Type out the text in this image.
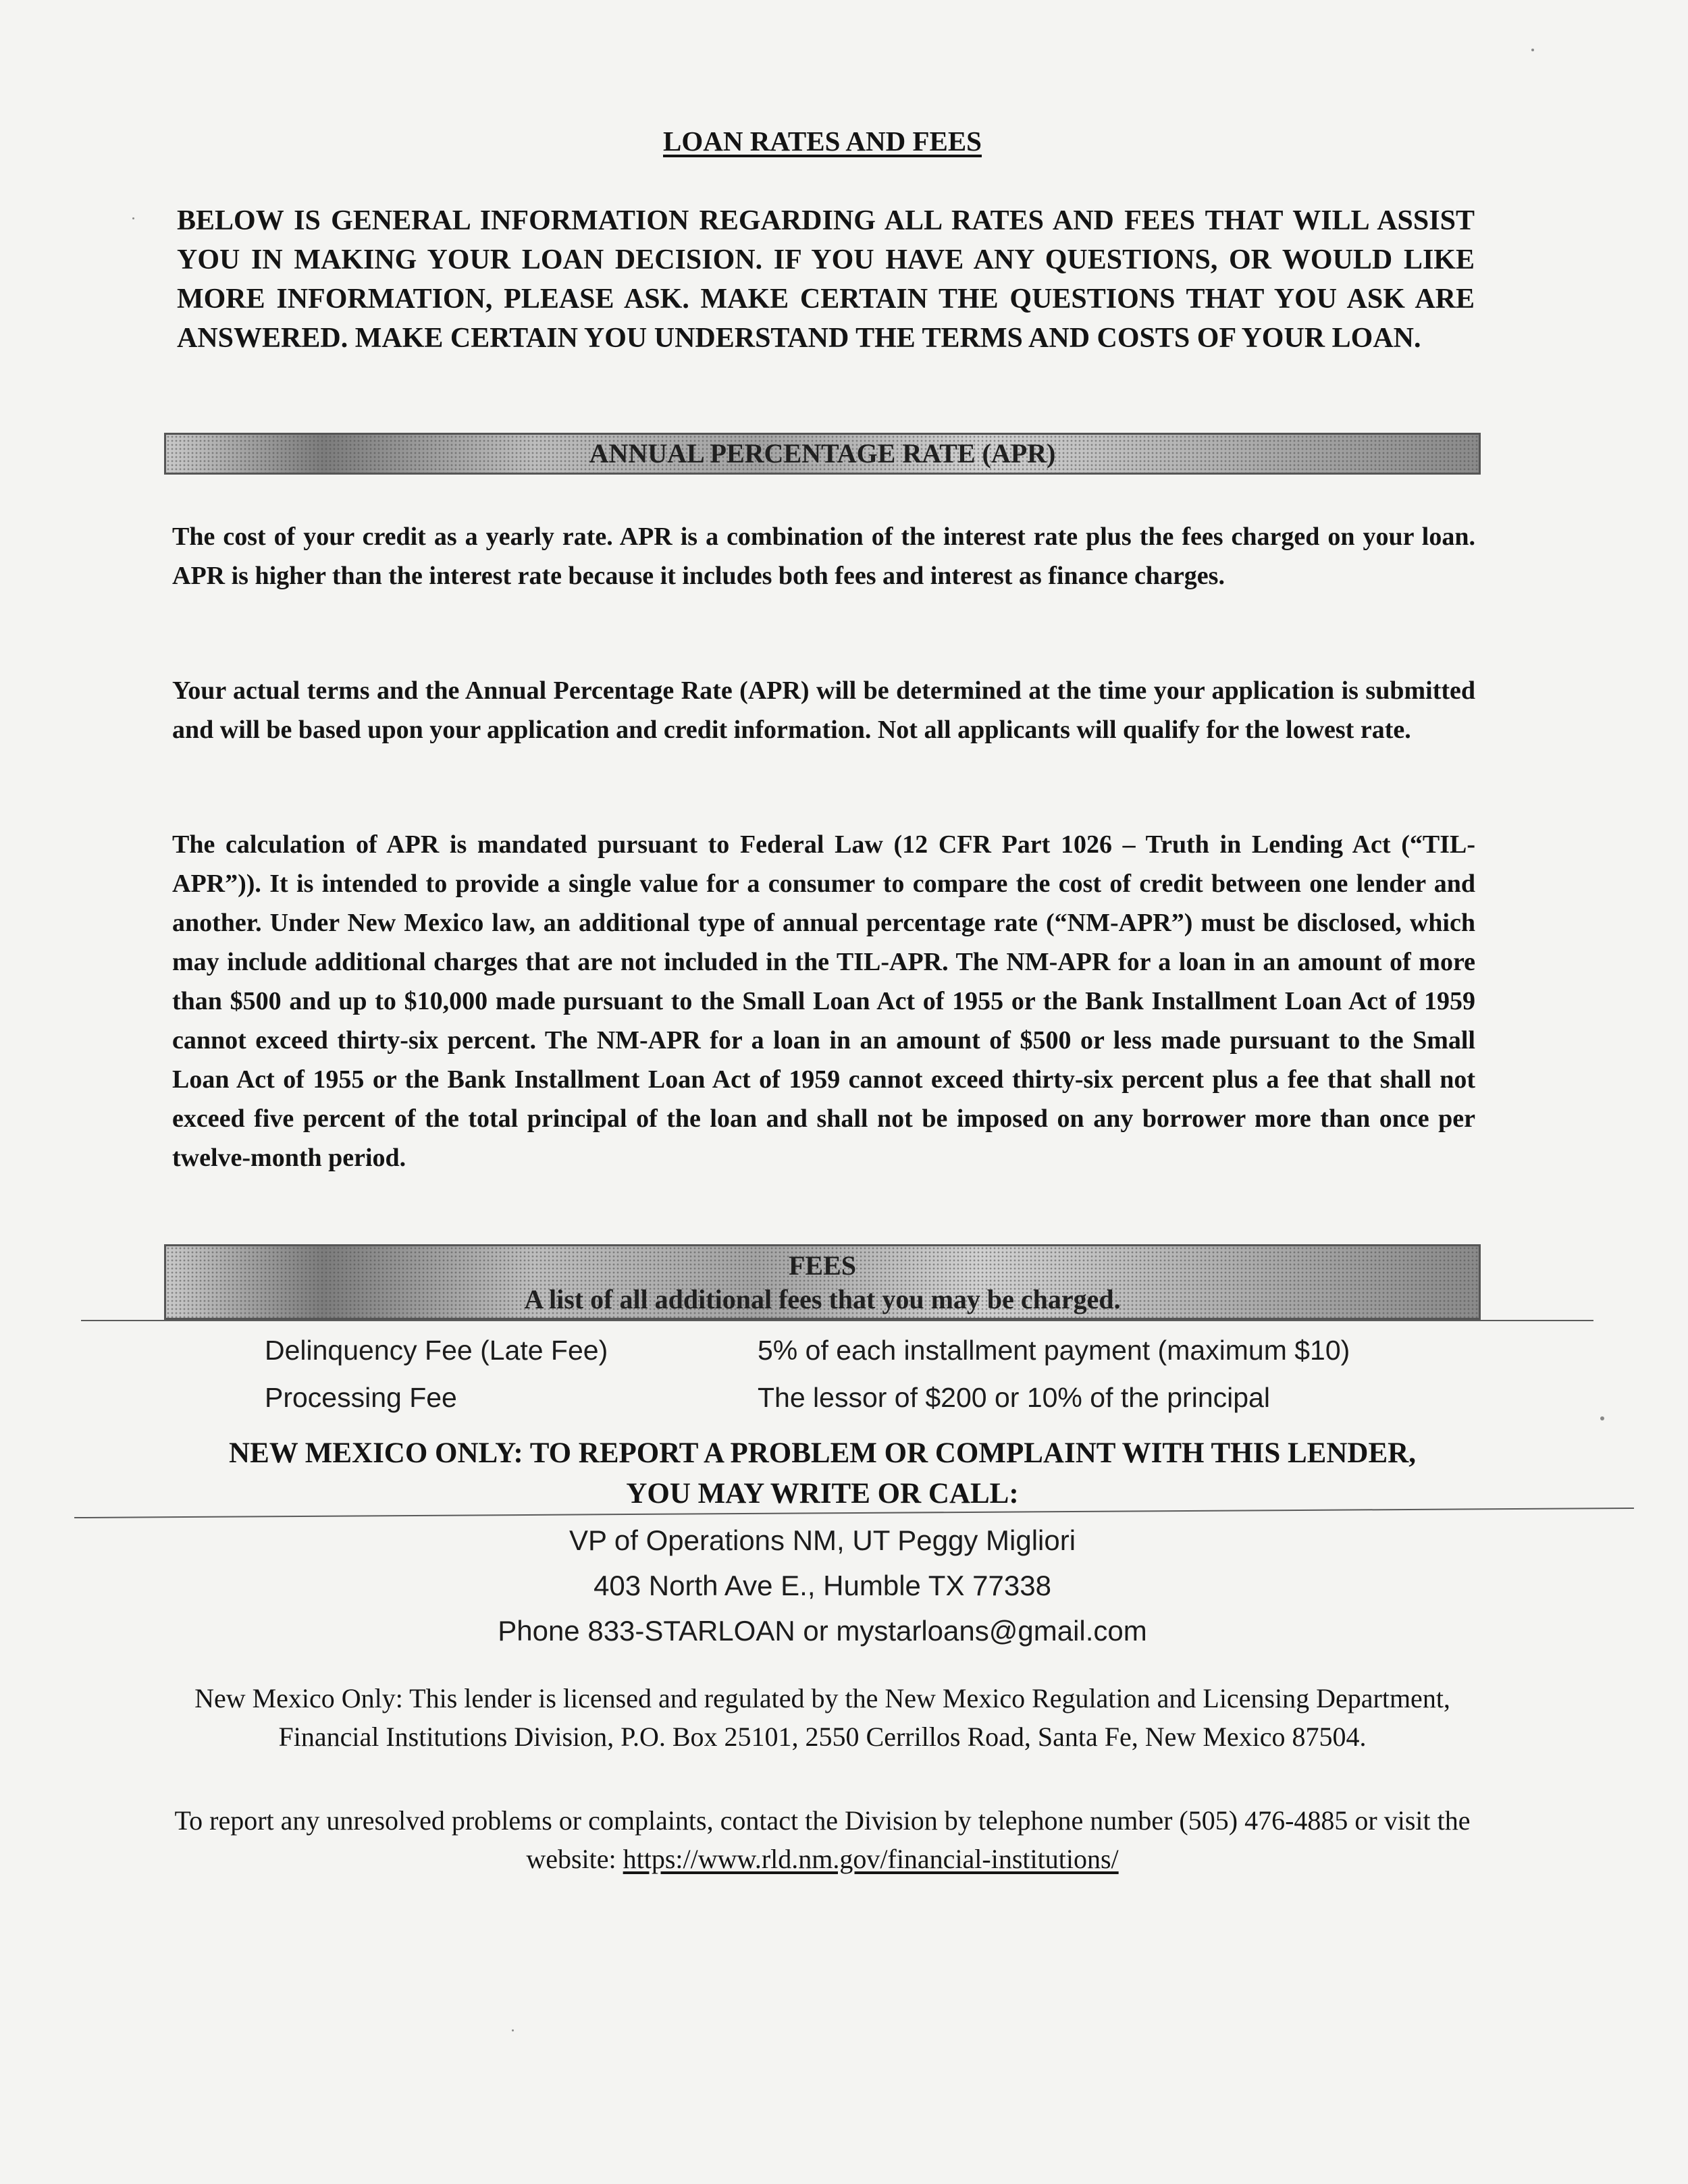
LOAN RATES AND FEES

BELOW IS GENERAL INFORMATION REGARDING ALL RATES AND FEES THAT WILL ASSIST YOU IN MAKING YOUR LOAN DECISION. IF YOU HAVE ANY QUESTIONS, OR WOULD LIKE MORE INFORMATION, PLEASE ASK. MAKE CERTAIN THE QUESTIONS THAT YOU ASK ARE ANSWERED. MAKE CERTAIN YOU UNDERSTAND THE TERMS AND COSTS OF YOUR LOAN.

ANNUAL PERCENTAGE RATE (APR)

The cost of your credit as a yearly rate. APR is a combination of the interest rate plus the fees charged on your loan. APR is higher than the interest rate because it includes both fees and interest as finance charges.

Your actual terms and the Annual Percentage Rate (APR) will be determined at the time your application is submitted and will be based upon your application and credit information. Not all applicants will qualify for the lowest rate.

The calculation of APR is mandated pursuant to Federal Law (12 CFR Part 1026 – Truth in Lending Act (“TIL-APR”)). It is intended to provide a single value for a consumer to compare the cost of credit between one lender and another. Under New Mexico law, an additional type of annual percentage rate (“NM-APR”) must be disclosed, which may include additional charges that are not included in the TIL-APR. The NM-APR for a loan in an amount of more than $500 and up to $10,000 made pursuant to the Small Loan Act of 1955 or the Bank Installment Loan Act of 1959 cannot exceed thirty-six percent. The NM-APR for a loan in an amount of $500 or less made pursuant to the Small Loan Act of 1955 or the Bank Installment Loan Act of 1959 cannot exceed thirty-six percent plus a fee that shall not exceed five percent of the total principal of the loan and shall not be imposed on any borrower more than once per twelve-month period.

FEES
A list of all additional fees that you may be charged.
Delinquency Fee (Late Fee)	5% of each installment payment (maximum $10)
Processing Fee	The lessor of $200 or 10% of the principal
NEW MEXICO ONLY: TO REPORT A PROBLEM OR COMPLAINT WITH THIS LENDER,
YOU MAY WRITE OR CALL:
VP of Operations NM, UT Peggy Migliori
403 North Ave E., Humble TX 77338
Phone 833-STARLOAN or mystarloans@gmail.com

New Mexico Only: This lender is licensed and regulated by the New Mexico Regulation and Licensing Department, Financial Institutions Division, P.O. Box 25101, 2550 Cerrillos Road, Santa Fe, New Mexico 87504.

To report any unresolved problems or complaints, contact the Division by telephone number (505) 476-4885 or visit the website: https://www.rld.nm.gov/financial-institutions/
